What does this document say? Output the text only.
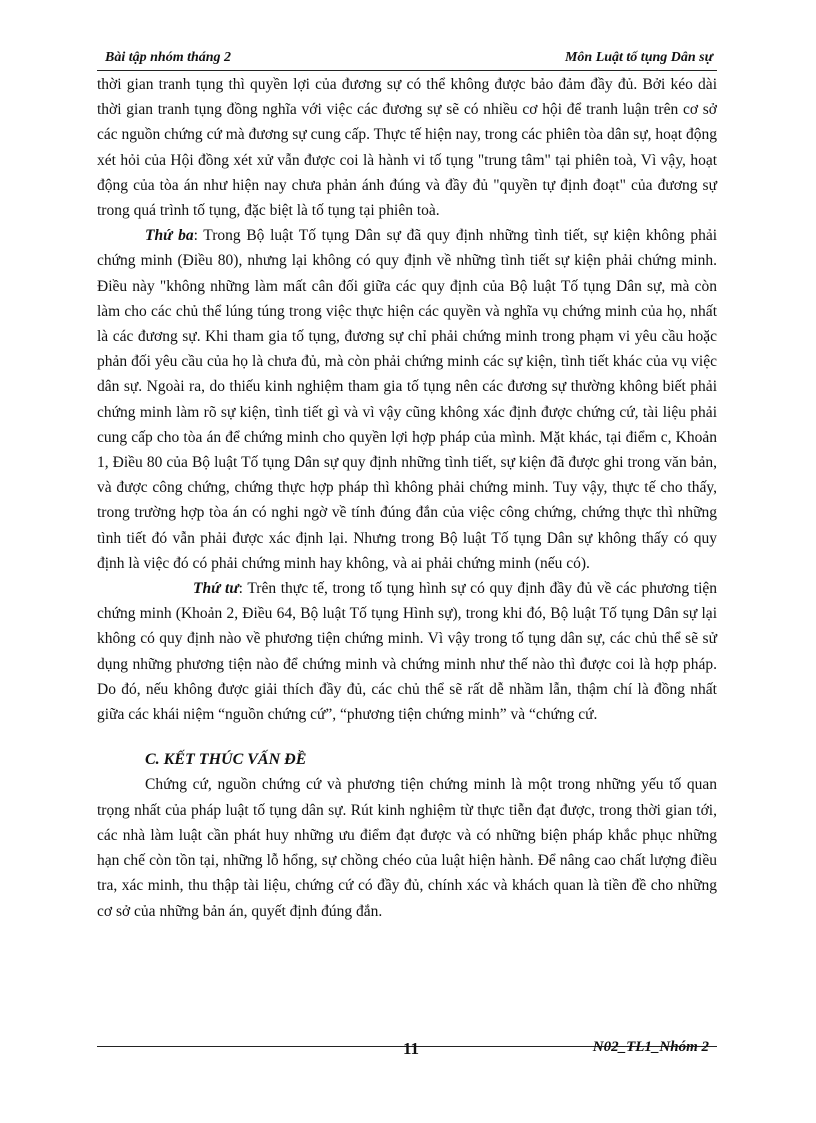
Bài tập nhóm tháng 2	Môn Luật tố tụng Dân sự

thời gian tranh tụng thì quyền lợi của đương sự có thể không được bảo đảm đầy đủ. Bởi kéo dài thời gian tranh tụng đồng nghĩa với việc các đương sự sẽ có nhiều cơ hội để tranh luận trên cơ sở các nguồn chứng cứ mà đương sự cung cấp. Thực tế hiện nay, trong các phiên tòa dân sự, hoạt động xét hỏi của Hội đồng xét xử vẫn được coi là hành vi tố tụng "trung tâm" tại phiên toà, Vì vậy, hoạt động của tòa án như hiện nay chưa phản ánh đúng và đầy đủ "quyền tự định đoạt" của đương sự trong quá trình tố tụng, đặc biệt là tố tụng tại phiên toà.

Thứ ba: Trong Bộ luật Tố tụng Dân sự đã quy định những tình tiết, sự kiện không phải chứng minh (Điều 80), nhưng lại không có quy định về những tình tiết sự kiện phải chứng minh. Điều này "không những làm mất cân đối giữa các quy định của Bộ luật Tố tụng Dân sự, mà còn làm cho các chủ thể lúng túng trong việc thực hiện các quyền và nghĩa vụ chứng minh của họ, nhất là các đương sự. Khi tham gia tố tụng, đương sự chỉ phải chứng minh trong phạm vi yêu cầu hoặc phản đối yêu cầu của họ là chưa đủ, mà còn phải chứng minh các sự kiện, tình tiết khác của vụ việc dân sự. Ngoài ra, do thiếu kinh nghiệm tham gia tố tụng nên các đương sự thường không biết phải chứng minh làm rõ sự kiện, tình tiết gì và vì vậy cũng không xác định được chứng cứ, tài liệu phải cung cấp cho tòa án để chứng minh cho quyền lợi hợp pháp của mình. Mặt khác, tại điểm c, Khoản 1, Điều 80 của Bộ luật Tố tụng Dân sự quy định những tình tiết, sự kiện đã được ghi trong văn bản, và được công chứng, chứng thực hợp pháp thì không phải chứng minh. Tuy vậy, thực tế cho thấy, trong trường hợp tòa án có nghi ngờ về tính đúng đắn của việc công chứng, chứng thực thì những tình tiết đó vẫn phải được xác định lại. Nhưng trong Bộ luật Tố tụng Dân sự không thấy có quy định là việc đó có phải chứng minh hay không, và ai phải chứng minh (nếu có).

Thứ tư: Trên thực tế, trong tố tụng hình sự có quy định đầy đủ về các phương tiện chứng minh (Khoản 2, Điều 64, Bộ luật Tố tụng Hình sự), trong khi đó, Bộ luật Tố tụng Dân sự lại không có quy định nào về phương tiện chứng minh. Vì vậy trong tố tụng dân sự, các chủ thể sẽ sử dụng những phương tiện nào để chứng minh và chứng minh như thế nào thì được coi là hợp pháp. Do đó, nếu không được giải thích đầy đủ, các chủ thể sẽ rất dễ nhầm lẫn, thậm chí là đồng nhất giữa các khái niệm “nguồn chứng cứ”, “phương tiện chứng minh” và “chứng cứ.

C. KẾT THÚC VẤN ĐỀ

Chứng cứ, nguồn chứng cứ và phương tiện chứng minh là một trong những yếu tố quan trọng nhất của pháp luật tố tụng dân sự. Rút kinh nghiệm từ thực tiễn đạt được, trong thời gian tới, các nhà làm luật cần phát huy những ưu điểm đạt được và có những biện pháp khắc phục những hạn chế còn tồn tại, những lỗ hổng, sự chồng chéo của luật hiện hành. Để nâng cao chất lượng điều tra, xác minh, thu thập tài liệu, chứng cứ có đầy đủ, chính xác và khách quan là tiền đề cho những cơ sở của những bản án, quyết định đúng đắn.

11	N02_TL1_Nhóm 2
